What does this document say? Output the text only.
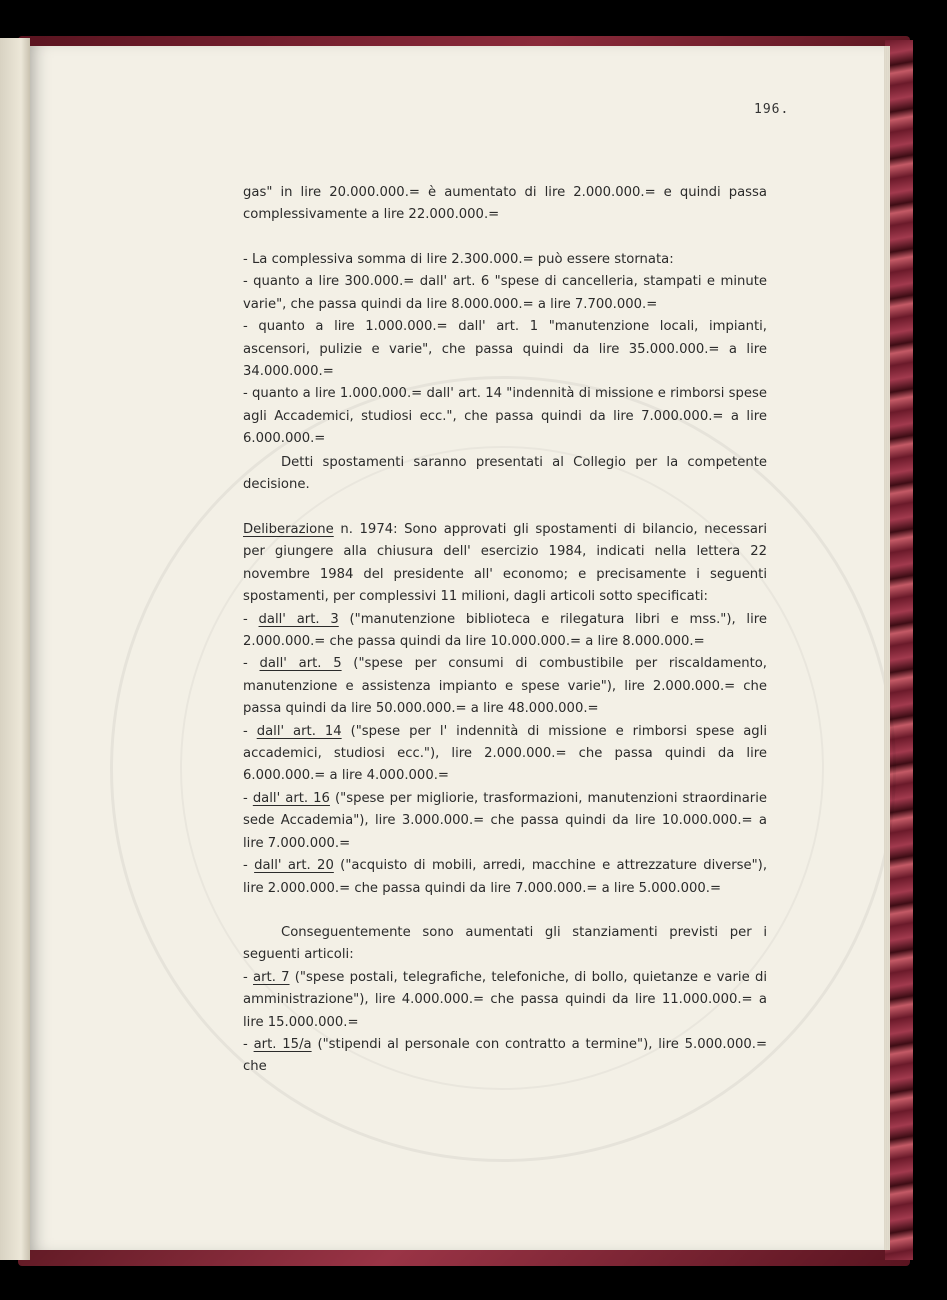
196.

gas" in lire 20.000.000.= è aumentato di lire 2.000.000.= e quindi passa complessivamente a lire 22.000.000.=

- La complessiva somma di lire 2.300.000.= può essere stornata:

- quanto a lire 300.000.= dall' art. 6 "spese di cancelleria, stampati e minute varie", che passa quindi da lire 8.000.000.= a lire 7.700.000.=

- quanto a lire 1.000.000.= dall' art. 1 "manutenzione locali, impianti, ascensori, pulizie e varie", che passa quindi da lire 35.000.000.= a lire 34.000.000.=

- quanto a lire 1.000.000.= dall' art. 14 "indennità di missione e rimborsi spese agli Accademici, studiosi ecc.", che passa quindi da lire 7.000.000.= a lire 6.000.000.=

Detti spostamenti saranno presentati al Collegio per la competente decisione.

Deliberazione n. 1974: Sono approvati gli spostamenti di bilancio, necessari per giungere alla chiusura dell' esercizio 1984, indicati nella lettera 22 novembre 1984 del presidente all' economo; e precisamente i seguenti spostamenti, per complessivi 11 milioni, dagli articoli sotto specificati:

- dall' art. 3 ("manutenzione biblioteca e rilegatura libri e mss."), lire 2.000.000.= che passa quindi da lire 10.000.000.= a lire 8.000.000.=

- dall' art. 5 ("spese per consumi di combustibile per riscaldamento, manutenzione e assistenza impianto e spese varie"), lire 2.000.000.= che passa quindi da lire 50.000.000.= a lire 48.000.000.=

- dall' art. 14 ("spese per l' indennità di missione e rimborsi spese agli accademici, studiosi ecc."), lire 2.000.000.= che passa quindi da lire 6.000.000.= a lire 4.000.000.=

- dall' art. 16 ("spese per migliorie, trasformazioni, manutenzioni straordinarie sede Accademia"), lire 3.000.000.= che passa quindi da lire 10.000.000.= a lire 7.000.000.=

- dall' art. 20 ("acquisto di mobili, arredi, macchine e attrezzature diverse"), lire 2.000.000.= che passa quindi da lire 7.000.000.= a lire 5.000.000.=

Conseguentemente sono aumentati gli stanziamenti previsti per i seguenti articoli:

- art. 7 ("spese postali, telegrafiche, telefoniche, di bollo, quietanze e varie di amministrazione"), lire 4.000.000.= che passa quindi da lire 11.000.000.= a lire 15.000.000.=

- art. 15/a ("stipendi al personale con contratto a termine"), lire 5.000.000.= che
